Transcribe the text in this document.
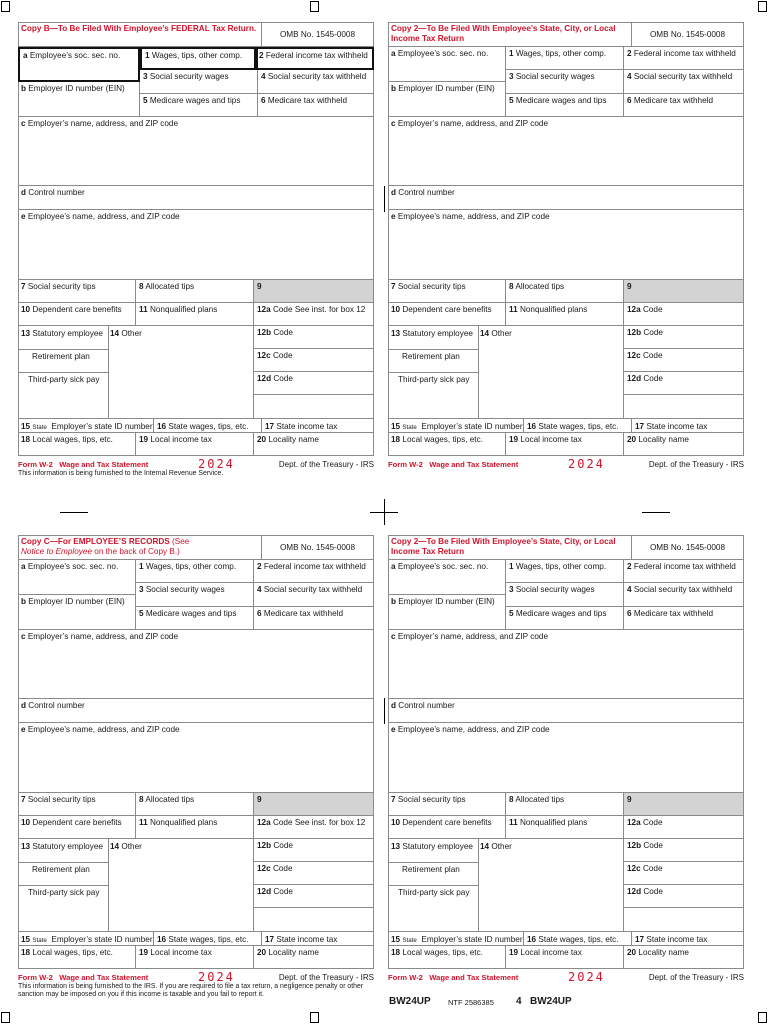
Copy B—To Be Filed With Employee’s FEDERAL Tax Return.

OMB No. 1545-0008
a Employee’s soc. sec. no.	1 Wages, tips, other comp.	2 Federal income tax withheld
3 Social security wages	4 Social security tax withheld
b Employer ID number (EIN)
5 Medicare wages and tips	6 Medicare tax withheld
c Employer’s name, address, and ZIP code
d Control number
e Employee’s name, address, and ZIP code
7 Social security tips	8 Allocated tips	9
10 Dependent care benefits	11 Nonqualified plans	12a Code See inst. for box 12
13 Statutory employee
Retirement plan
Third-party sick pay
14 Other	12b Code
12c Code
12d Code
15 State Employer’s state ID number 16 State wages, tips, etc.	17 State income tax
18 Local wages, tips, etc.	19 Local income tax	20 Locality name
Form W-2 Wage and Tax Statement	2024	Dept. of the Treasury - IRS
This information is being furnished to the Internal Revenue Service.
Copy 2—To Be Filed With Employee’s State, City, or Local Income Tax Return	OMB No. 1545-0008
a Employee’s soc. sec. no.	1 Wages, tips, other comp.	2 Federal income tax withheld
3 Social security wages	4 Social security tax withheld
b Employer ID number (EIN)
5 Medicare wages and tips	6 Medicare tax withheld
c Employer’s name, address, and ZIP code
d Control number
e Employee’s name, address, and ZIP code
7 Social security tips	8 Allocated tips	9
10 Dependent care benefits	11 Nonqualified plans	12a Code
13 Statutory employee
Retirement plan
Third-party sick pay
14 Other	12b Code
12c Code
12d Code
15 State Employer’s state ID number 16 State wages, tips, etc.	17 State income tax
18 Local wages, tips, etc.	19 Local income tax	20 Locality name
Form W-2 Wage and Tax Statement	2024	Dept. of the Treasury - IRS
Copy C—For EMPLOYEE’S RECORDS (See
Notice to Employee on the back of Copy B.)	OMB No. 1545-0008
a Employee’s soc. sec. no.	1 Wages, tips, other comp.	2 Federal income tax withheld
3 Social security wages	4 Social security tax withheld
b Employer ID number (EIN)
5 Medicare wages and tips	6 Medicare tax withheld
c Employer’s name, address, and ZIP code
d Control number
e Employee’s name, address, and ZIP code
7 Social security tips	8 Allocated tips	9
10 Dependent care benefits	11 Nonqualified plans	12a Code See inst. for box 12
13 Statutory employee
Retirement plan
Third-party sick pay
14 Other	12b Code
12c Code
12d Code
15 State Employer’s state ID number 16 State wages, tips, etc.	17 State income tax
18 Local wages, tips, etc.	19 Local income tax	20 Locality name
Form W-2 Wage and Tax Statement	2024	Dept. of the Treasury - IRS
This information is being furnished to the IRS. If you are required to file a tax return, a negligence penalty or other sanction may be imposed on you if this income is taxable and you fail to report it.
Copy 2—To Be Filed With Employee’s State, City, or Local Income Tax Return	OMB No. 1545-0008
a Employee’s soc. sec. no.	1 Wages, tips, other comp.	2 Federal income tax withheld
3 Social security wages	4 Social security tax withheld
b Employer ID number (EIN)
5 Medicare wages and tips	6 Medicare tax withheld
c Employer’s name, address, and ZIP code
d Control number
e Employee’s name, address, and ZIP code
7 Social security tips	8 Allocated tips	9
10 Dependent care benefits	11 Nonqualified plans	12a Code
13 Statutory employee
Retirement plan
Third-party sick pay
14 Other	12b Code
12c Code
12d Code
15 State Employer’s state ID number 16 State wages, tips, etc.	17 State income tax
18 Local wages, tips, etc.	19 Local income tax	20 Locality name
Form W-2 Wage and Tax Statement	2024	Dept. of the Treasury - IRS
BW24UP NTF 2586385 4 BW24UP
